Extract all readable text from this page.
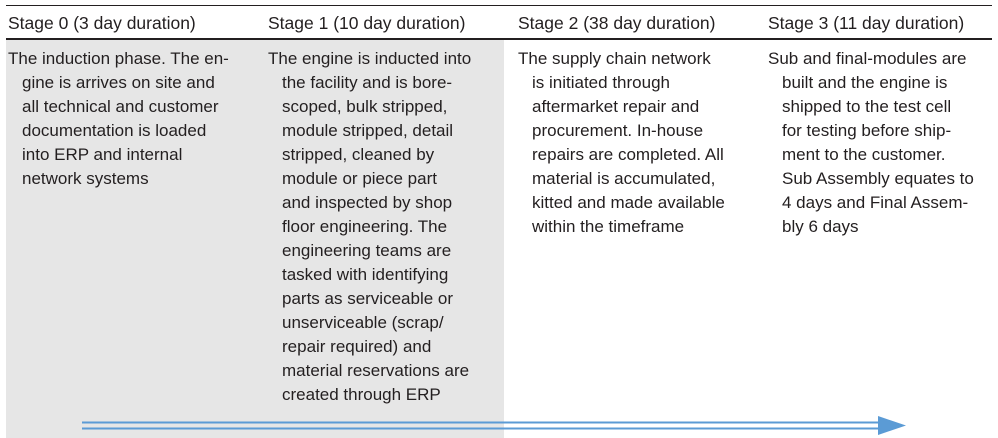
Stage 0 (3 day duration)
The induction phase. The en-
gine is arrives on site and
all technical and customer
documentation is loaded
into ERP and internal
network systems
Stage 1 (10 day duration)
The engine is inducted into
the facility and is bore-
scoped, bulk stripped,
module stripped, detail
stripped, cleaned by
module or piece part
and inspected by shop
floor engineering. The
engineering teams are
tasked with identifying
parts as serviceable or
unserviceable (scrap/
repair required) and
material reservations are
created through ERP
Stage 2 (38 day duration)
The supply chain network
is initiated through
aftermarket repair and
procurement. In-house
repairs are completed. All
material is accumulated,
kitted and made available
within the timeframe
Stage 3 (11 day duration)
Sub and final-modules are
built and the engine is
shipped to the test cell
for testing before ship-
ment to the customer.
Sub Assembly equates to
4 days and Final Assem-
bly 6 days
